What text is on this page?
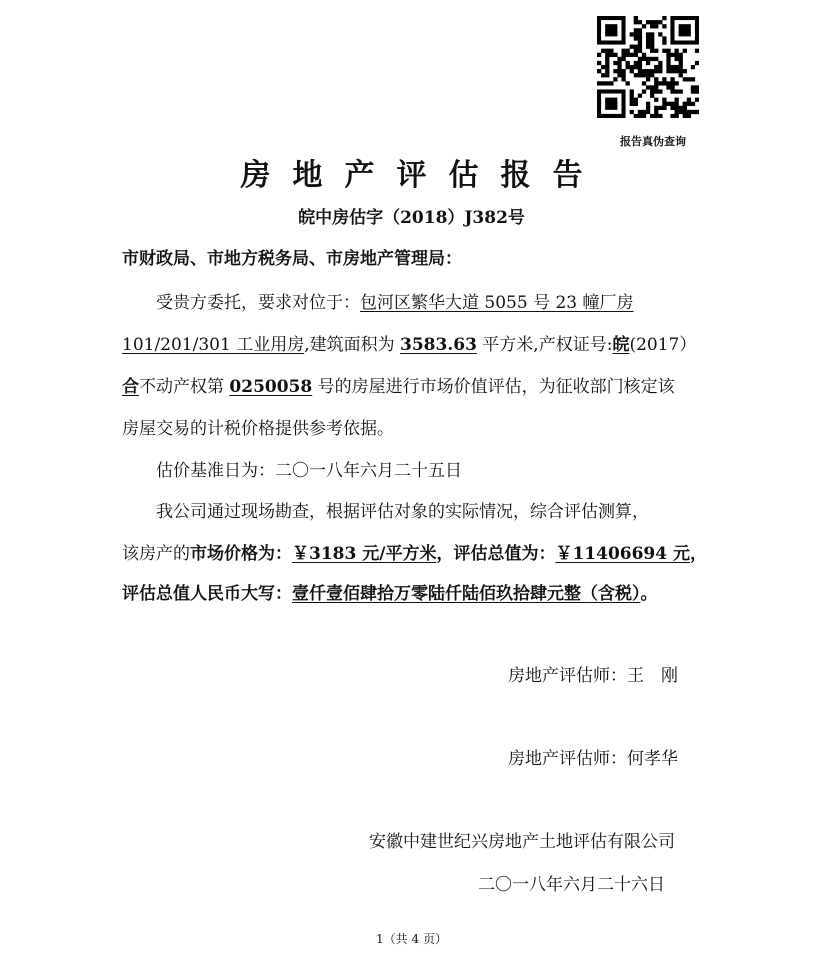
报告真伪查询
房地产评估报告
皖中房估字（2018）J382号
市财政局、市地方税务局、市房地产管理局：
受贵方委托，要求对位于：包河区繁华大道 5055 号 23 幢厂房
101/201/301 工业用房,建筑面积为 3583.63 平方米,产权证号:皖(2017）
合不动产权第 0250058 号的房屋进行市场价值评估，为征收部门核定该
房屋交易的计税价格提供参考依据。
估价基准日为：二〇一八年六月二十五日
我公司通过现场勘查，根据评估对象的实际情况，综合评估测算，
该房产的市场价格为：￥3183 元/平方米，评估总值为：￥11406694 元，
评估总值人民币大写：壹仟壹佰肆拾万零陆仟陆佰玖拾肆元整（含税）。
房地产评估师：王　刚
房地产评估师：何孝华
安徽中建世纪兴房地产土地评估有限公司
二〇一八年六月二十六日
1（共 4 页）
